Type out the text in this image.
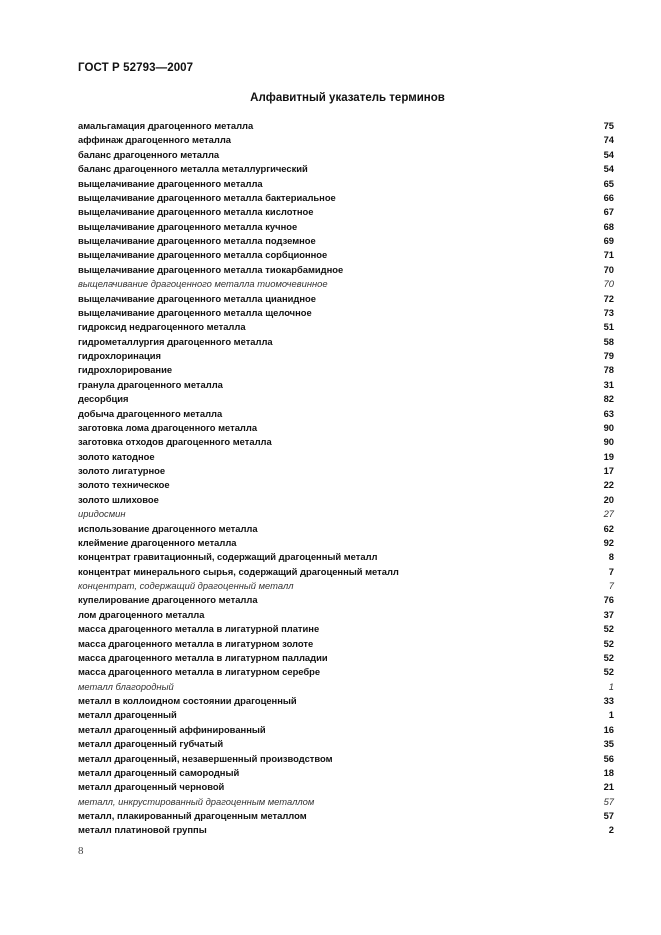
ГОСТ Р 52793—2007
Алфавитный указатель терминов
амальгамация драгоценного металла	75
аффинаж драгоценного металла	74
баланс драгоценного металла	54
баланс драгоценного металла металлургический	54
выщелачивание драгоценного металла	65
выщелачивание драгоценного металла бактериальное	66
выщелачивание драгоценного металла кислотное	67
выщелачивание драгоценного металла кучное	68
выщелачивание драгоценного металла подземное	69
выщелачивание драгоценного металла сорбционное	71
выщелачивание драгоценного металла тиокарбамидное	70
выщелачивание драгоценного металла тиомочевинное	70
выщелачивание драгоценного металла цианидное	72
выщелачивание драгоценного металла щелочное	73
гидроксид недрагоценного металла	51
гидрометаллургия драгоценного металла	58
гидрохлоринация	79
гидрохлорирование	78
гранула драгоценного металла	31
десорбция	82
добыча драгоценного металла	63
заготовка лома драгоценного металла	90
заготовка отходов драгоценного металла	90
золото катодное	19
золото лигатурное	17
золото техническое	22
золото шлиховое	20
иридосмин	27
использование драгоценного металла	62
клеймение драгоценного металла	92
концентрат гравитационный, содержащий драгоценный металл	8
концентрат минерального сырья, содержащий драгоценный металл	7
концентрат, содержащий драгоценный металл	7
купелирование драгоценного металла	76
лом драгоценного металла	37
масса драгоценного металла в лигатурной платине	52
масса драгоценного металла в лигатурном золоте	52
масса драгоценного металла в лигатурном палладии	52
масса драгоценного металла в лигатурном серебре	52
металл благородный	1
металл в коллоидном состоянии драгоценный	33
металл драгоценный	1
металл драгоценный аффинированный	16
металл драгоценный губчатый	35
металл драгоценный, незавершенный производством	56
металл драгоценный самородный	18
металл драгоценный черновой	21
металл, инкрустированный драгоценным металлом	57
металл, плакированный драгоценным металлом	57
металл платиновой группы	2
8
